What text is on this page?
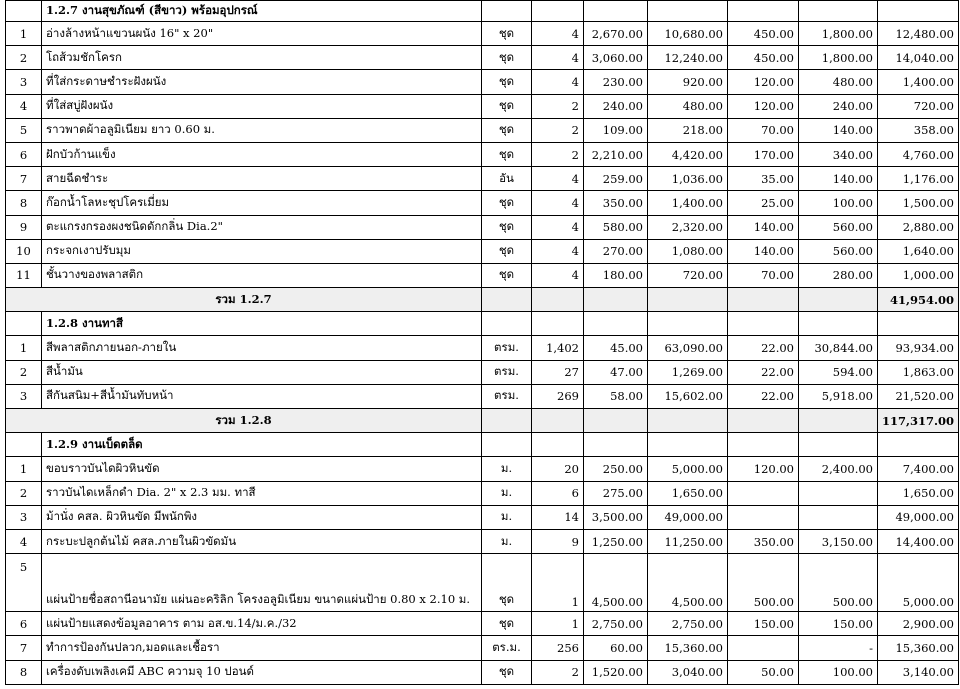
	1.2.7 งานสุขภัณฑ์ (สีขาว) พร้อมอุปกรณ์							
1	อ่างล้างหน้าแขวนผนัง 16" x 20"	ชุด	4	2,670.00	10,680.00	450.00	1,800.00	12,480.00
2	โถส้วมชักโครก	ชุด	4	3,060.00	12,240.00	450.00	1,800.00	14,040.00
3	ที่ใส่กระดาษชำระฝังผนัง	ชุด	4	230.00	920.00	120.00	480.00	1,400.00
4	ที่ใส่สบู่ฝังผนัง	ชุด	2	240.00	480.00	120.00	240.00	720.00
5	ราวพาดผ้าอลูมิเนียม ยาว 0.60 ม.	ชุด	2	109.00	218.00	70.00	140.00	358.00
6	ฝักบัวก้านแข็ง	ชุด	2	2,210.00	4,420.00	170.00	340.00	4,760.00
7	สายฉีดชำระ	อัน	4	259.00	1,036.00	35.00	140.00	1,176.00
8	ก๊อกน้ำโลหะชุปโครเมี่ยม	ชุด	4	350.00	1,400.00	25.00	100.00	1,500.00
9	ตะแกรงกรองผงชนิดดักกลิ่น Dia.2"	ชุด	4	580.00	2,320.00	140.00	560.00	2,880.00
10	กระจกเงาปรับมุม	ชุด	4	270.00	1,080.00	140.00	560.00	1,640.00
11	ชั้นวางของพลาสติก	ชุด	4	180.00	720.00	70.00	280.00	1,000.00
รวม 1.2.7								41,954.00
	1.2.8 งานทาสี							
1	สีพลาสติกภายนอก-ภายใน	ตรม.	1,402	45.00	63,090.00	22.00	30,844.00	93,934.00
2	สีน้ำมัน	ตรม.	27	47.00	1,269.00	22.00	594.00	1,863.00
3	สีกันสนิม+สีน้ำมันทับหน้า	ตรม.	269	58.00	15,602.00	22.00	5,918.00	21,520.00
รวม 1.2.8								117,317.00
	1.2.9 งานเบ็ดตล็ด							
1	ขอบราวบันไดผิวหินขัด	ม.	20	250.00	5,000.00	120.00	2,400.00	7,400.00
2	ราวบันไดเหล็กดำ Dia. 2" x 2.3 มม. ทาสี	ม.	6	275.00	1,650.00			1,650.00
3	ม้านั่ง คสล. ผิวหินขัด มีพนักพิง	ม.	14	3,500.00	49,000.00			49,000.00
4	กระบะปลูกต้นไม้ คสล.ภายในผิวขัดมัน	ม.	9	1,250.00	11,250.00	350.00	3,150.00	14,400.00
5	แผ่นป้ายชื่อสถานีอนามัย แผ่นอะคริลิก โครงอลูมิเนียม ขนาดแผ่นป้าย 0.80 x 2.10 ม.	ชุด	1	4,500.00	4,500.00	500.00	500.00	5,000.00
6	แผ่นป้ายแสดงข้อมูลอาคาร ตาม อส.ข.14/ม.ค./32	ชุด	1	2,750.00	2,750.00	150.00	150.00	2,900.00
7	ทำการป้องกันปลวก,มอดและเชื้อรา	ตร.ม.	256	60.00	15,360.00		-	15,360.00
8	เครื่องดับเพลิงเคมี ABC ความจุ 10 ปอนด์	ชุด	2	1,520.00	3,040.00	50.00	100.00	3,140.00
